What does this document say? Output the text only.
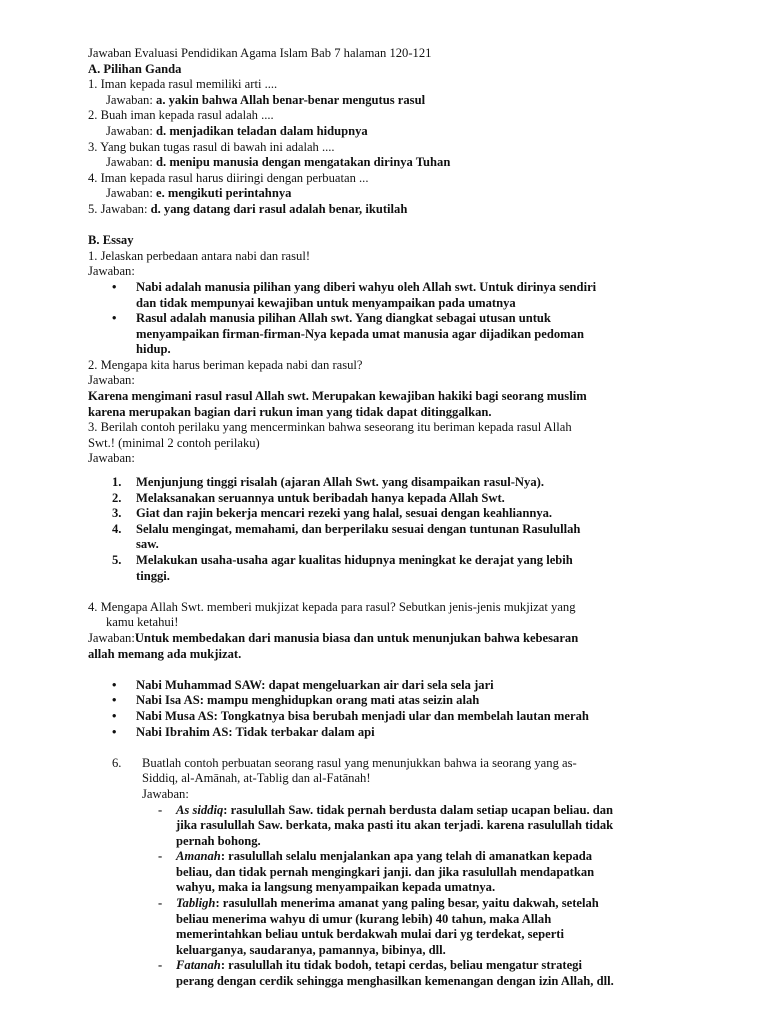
Jawaban Evaluasi Pendidikan Agama Islam Bab 7 halaman 120-121
A. Pilihan Ganda
1. Iman kepada rasul memiliki arti ....
Jawaban: a. yakin bahwa Allah benar-benar mengutus rasul
2. Buah iman kepada rasul adalah ....
Jawaban: d. menjadikan teladan dalam hidupnya
3. Yang bukan tugas rasul di bawah ini adalah ....
Jawaban: d. menipu manusia dengan mengatakan dirinya Tuhan
4. Iman kepada rasul harus diiringi dengan perbuatan ...
Jawaban: e. mengikuti perintahnya
5. Jawaban: d. yang datang dari rasul adalah benar, ikutilah
B. Essay
1. Jelaskan perbedaan antara nabi dan rasul!
Jawaban:
• Nabi adalah manusia pilihan yang diberi wahyu oleh Allah swt. Untuk dirinya sendiri
dan tidak mempunyai kewajiban untuk menyampaikan pada umatnya
• Rasul adalah manusia pilihan Allah swt. Yang diangkat sebagai utusan untuk
menyampaikan firman-firman-Nya kepada umat manusia agar dijadikan pedoman
hidup.
2. Mengapa kita harus beriman kepada nabi dan rasul?
Jawaban:
Karena mengimani rasul rasul Allah swt. Merupakan kewajiban hakiki bagi seorang muslim
karena merupakan bagian dari rukun iman yang tidak dapat ditinggalkan.
3. Berilah contoh perilaku yang mencerminkan bahwa seseorang itu beriman kepada rasul Allah
Swt.! (minimal 2 contoh perilaku)
Jawaban:
1. Menjunjung tinggi risalah (ajaran Allah Swt. yang disampaikan rasul-Nya).
2. Melaksanakan seruannya untuk beribadah hanya kepada Allah Swt.
3. Giat dan rajin bekerja mencari rezeki yang halal, sesuai dengan keahliannya.
4. Selalu mengingat, memahami, dan berperilaku sesuai dengan tuntunan Rasulullah
saw.
5. Melakukan usaha-usaha agar kualitas hidupnya meningkat ke derajat yang lebih
tinggi.
4. Mengapa Allah Swt. memberi mukjizat kepada para rasul? Sebutkan jenis-jenis mukjizat yang
kamu ketahui!
Jawaban:Untuk membedakan dari manusia biasa dan untuk menunjukan bahwa kebesaran
allah memang ada mukjizat.
• Nabi Muhammad SAW: dapat mengeluarkan air dari sela sela jari
• Nabi Isa AS: mampu menghidupkan orang mati atas seizin alah
• Nabi Musa AS: Tongkatnya bisa berubah menjadi ular dan membelah lautan merah
• Nabi Ibrahim AS: Tidak terbakar dalam api
6.	Buatlah contoh perbuatan seorang rasul yang menunjukkan bahwa ia seorang yang as-
Siddiq, al-Amānah, at-Tablig dan al-Fatānah!
Jawaban:
- As siddiq: rasulullah Saw. tidak pernah berdusta dalam setiap ucapan beliau. dan
jika rasulullah Saw. berkata, maka pasti itu akan terjadi. karena rasulullah tidak
pernah bohong.
- Amanah: rasulullah selalu menjalankan apa yang telah di amanatkan kepada
beliau, dan tidak pernah mengingkari janji. dan jika rasulullah mendapatkan
wahyu, maka ia langsung menyampaikan kepada umatnya.
- Tabligh: rasulullah menerima amanat yang paling besar, yaitu dakwah, setelah
beliau menerima wahyu di umur (kurang lebih) 40 tahun, maka Allah
memerintahkan beliau untuk berdakwah mulai dari yg terdekat, seperti
keluarganya, saudaranya, pamannya, bibinya, dll.
- Fatanah: rasulullah itu tidak bodoh, tetapi cerdas, beliau mengatur strategi
perang dengan cerdik sehingga menghasilkan kemenangan dengan izin Allah, dll.
